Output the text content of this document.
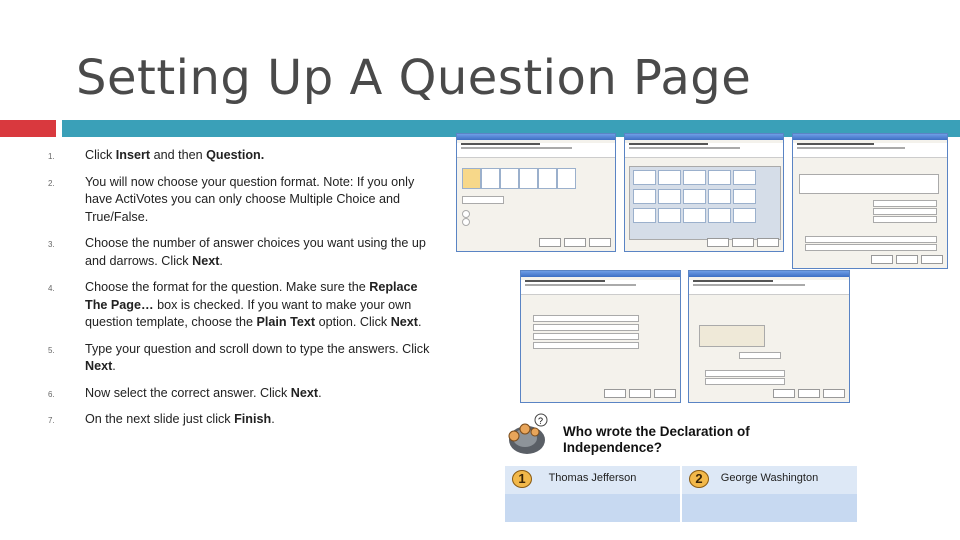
Setting Up A Question Page
1. Click Insert and then Question.
2. You will now choose your question format. Note: If you only have ActiVotes you can only choose Multiple Choice and True/False.
3. Choose the number of answer choices you want using the up and darrows. Click Next.
4. Choose the format for the question. Make sure the Replace The Page… box is checked. If you want to make your own question template, choose the Plain Text option. Click Next.
5. Type your question and scroll down to type the answers. Click Next.
6. Now select the correct answer. Click Next.
7. On the next slide just click Finish.	?
Who wrote the Declaration of Independence?
1	Thomas Jefferson	2	George Washington
